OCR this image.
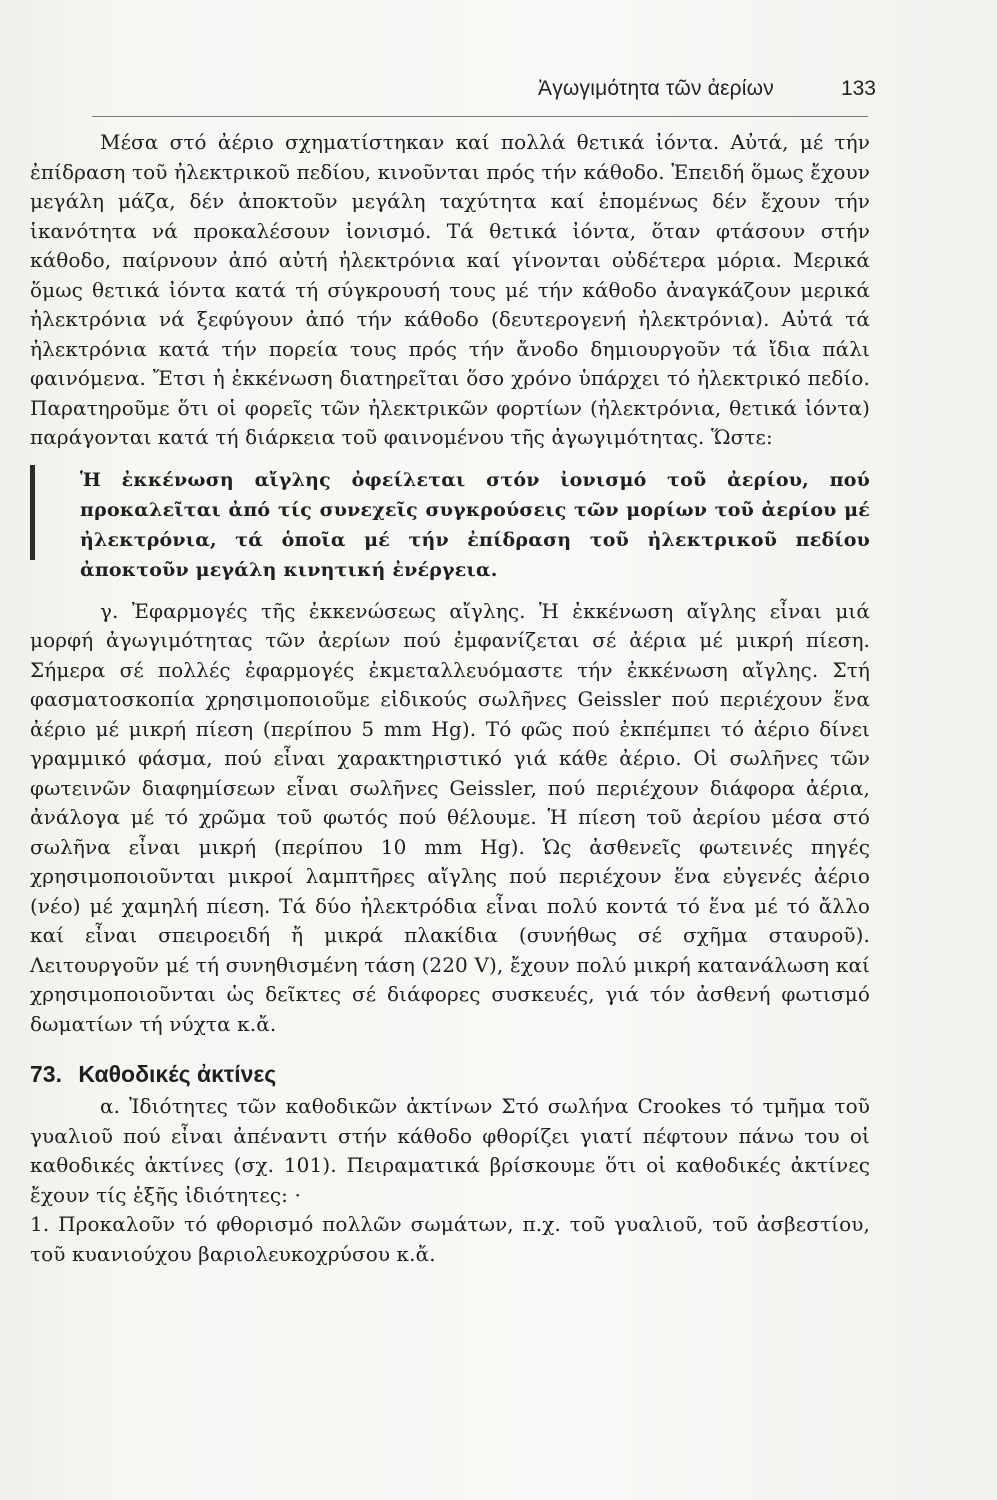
Ἀγωγιμότητα τῶν ἀερίων	133

Μέσα στό ἀέριο σχηματίστηκαν καί πολλά θετικά ἰόντα. Αὐτά, μέ τήν ἐπίδραση τοῦ ἠλεκτρικοῦ πεδίου, κινοῦνται πρός τήν κάθοδο. Ἐπειδή ὅμως ἔχουν μεγάλη μάζα, δέν ἀποκτοῦν μεγάλη ταχύτητα καί ἑπομένως δέν ἔχουν τήν ἱκανότητα νά προκαλέσουν ἰονισμό. Τά θετικά ἰόντα, ὅταν φτάσουν στήν κάθοδο, παίρνουν ἀπό αὐτή ἠλεκτρόνια καί γίνονται οὐδέτερα μόρια. Μερικά ὅμως θετικά ἰόντα κατά τή σύγκρουσή τους μέ τήν κάθοδο ἀναγκάζουν μερικά ἠλεκτρόνια νά ξεφύγουν ἀπό τήν κάθοδο (δευτερογενή ἠλεκτρόνια). Αὐτά τά ἠλεκτρόνια κατά τήν πορεία τους πρός τήν ἄνοδο δημιουργοῦν τά ἴδια πάλι φαινόμενα. Ἔτσι ἡ ἐκκένωση διατηρεῖται ὅσο χρόνο ὑπάρχει τό ἠλεκτρικό πεδίο. Παρατηροῦμε ὅτι οἱ φορεῖς τῶν ἠλεκτρικῶν φορτίων (ἠλεκτρόνια, θετικά ἰόντα) παράγονται κατά τή διάρκεια τοῦ φαινομένου τῆς ἀγωγιμότητας. Ὥστε:

Ἡ ἐκκένωση αἴγλης ὀφείλεται στόν ἰονισμό τοῦ ἀερίου, πού προκαλεῖται ἀπό τίς συνεχεῖς συγκρούσεις τῶν μορίων τοῦ ἀερίου μέ ἠλεκτρόνια, τά ὁποῖα μέ τήν ἐπίδραση τοῦ ἠλεκτρικοῦ πεδίου ἀποκτοῦν μεγάλη κινητική ἐνέργεια.

γ. Ἐφαρμογές τῆς ἐκκενώσεως αἴγλης. Ἡ ἐκκένωση αἴγλης εἶναι μιά μορφή ἀγωγιμότητας τῶν ἀερίων πού ἐμφανίζεται σέ ἀέρια μέ μικρή πίεση. Σήμερα σέ πολλές ἐφαρμογές ἐκμεταλλευόμαστε τήν ἐκκένωση αἴγλης. Στή φασματοσκοπία χρησιμοποιοῦμε εἰδικούς σωλῆνες Geissler πού περιέχουν ἕνα ἀέριο μέ μικρή πίεση (περίπου 5 mm Hg). Τό φῶς πού ἐκπέμπει τό ἀέριο δίνει γραμμικό φάσμα, πού εἶναι χαρακτηριστικό γιά κάθε ἀέριο. Οἱ σωλῆνες τῶν φωτεινῶν διαφημίσεων εἶναι σωλῆνες Geissler, πού περιέχουν διάφορα ἀέρια, ἀνάλογα μέ τό χρῶμα τοῦ φωτός πού θέλουμε. Ἡ πίεση τοῦ ἀερίου μέσα στό σωλῆνα εἶναι μικρή (περίπου 10 mm Hg). Ὡς ἀσθενεῖς φωτεινές πηγές χρησιμοποιοῦνται μικροί λαμπτῆρες αἴγλης πού περιέχουν ἕνα εὐγενές ἀέριο (νέο) μέ χαμηλή πίεση. Τά δύο ἠλεκτρόδια εἶναι πολύ κοντά τό ἕνα μέ τό ἄλλο καί εἶναι σπειροειδή ἤ μικρά πλακίδια (συνήθως σέ σχῆμα σταυροῦ). Λειτουργοῦν μέ τή συνηθισμένη τάση (220 V), ἔχουν πολύ μικρή κατανάλωση καί χρησιμοποιοῦνται ὡς δεῖκτες σέ διάφορες συσκευές, γιά τόν ἀσθενή φωτισμό δωματίων τή νύχτα κ.ἄ.

73. Καθοδικές ἀκτίνες

α. Ἰδιότητες τῶν καθοδικῶν ἀκτίνων Στό σωλήνα Crookes τό τμῆμα τοῦ γυαλιοῦ πού εἶναι ἀπέναντι στήν κάθοδο φθορίζει γιατί πέφτουν πάνω του οἱ καθοδικές ἀκτίνες (σχ. 101). Πειραματικά βρίσκουμε ὅτι οἱ καθοδικές ἀκτίνες ἔχουν τίς ἑξῆς ἰδιότητες: ·

1. Προκαλοῦν τό φθορισμό πολλῶν σωμάτων, π.χ. τοῦ γυαλιοῦ, τοῦ ἀσβεστίου, τοῦ κυανιούχου βαριολευκοχρύσου κ.ἄ.
